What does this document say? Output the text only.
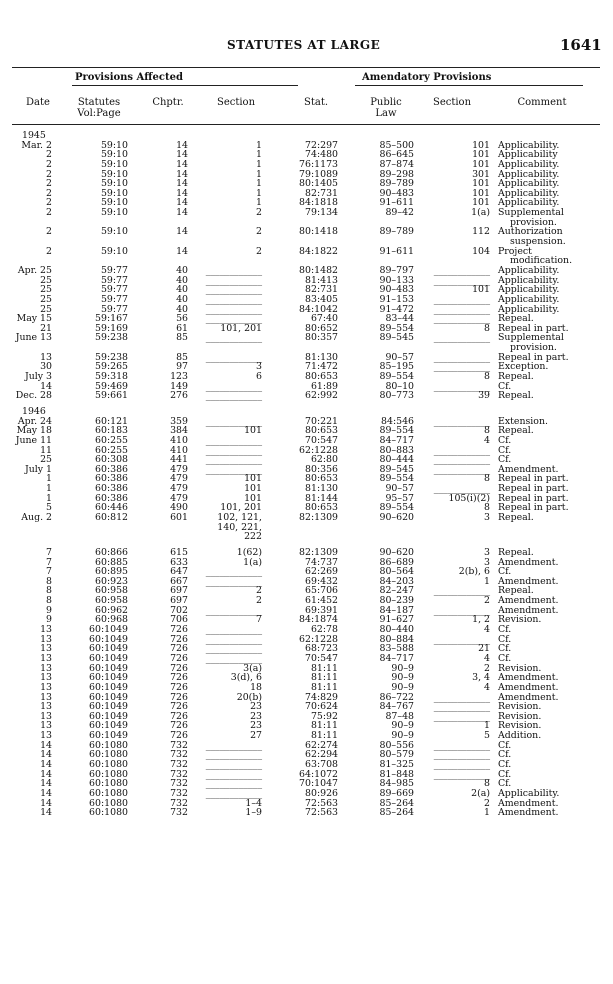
STATUTES AT LARGE	1641
Provisions Affected	Amendatory Provisions
Date	Statutes
Vol:Page
Chptr.	Section	Stat.	Public
Law
Section	Comment
1945
Mar. 2	59:10	14	1	72:297	85–500	101 Applicability.
2	59:10	14	1	74:480	86–645	101 Applicability
2	59:10	14	1	76:1173	87–874	101 Applicability.
2	59:10	14	1	79:1089	89–298	301 Applicability.
2	59:10	14	1	80:1405	89–789	101 Applicability.
2	59:10	14	1	82:731	90–483	101 Applicability.
2	59:10	14	1	84:1818	91–611	101 Applicability.
2	59:10	14	2	79:134	89–42	1(a) Supplemental
provision.
2	59:10	14	2	80:1418	89–789	112 Authorization
suspension.
2	59:10	14	2	84:1822	91–611	104 Project
modification.
Apr. 25	59:77	40	____________	80:1482	89–797	____________ Applicability.
25	59:77	40	____________	81:413	90–133	____________ Applicability.
25	59:77	40	____________	82:731	90–483	101 Applicability.
25	59:77	40	____________	83:405	91–153	____________ Applicability.
25	59:77	40	____________	84:1042	91–472	____________ Applicability.
May 15	59:167	56	____________	67:40	83–44	____________ Repeal.
21	59:169	61	101, 201	80:652	89–554	8 Repeal in part.
June 13	59:238	85	____________	80:357	89–545	____________ Supplemental
provision.
13	59:238	85	____________	81:130	90–57	____________ Repeal in part.
30	59:265	97	3	71:472	85–195	____________ Exception.
July 3	59:318	123	6	80:653	89–554	8 Repeal.
14	59:469	149	____________	61:89	80–10	____________ Cf.
Dec. 28	59:661	276	____________	62:992	80–773	39 Repeal.
1946
Apr. 24	60:121	359	____________	70:221	84:546	____________ Extension.
May 18	60:183	384	101	80:653	89–554	8 Repeal.
June 11	60:255	410	____________	70:547	84–717	4 Cf.
11	60:255	410	____________	62:1228	80–883	____________ Cf.
25	60:308	441	____________	62:80	80–444	____________ Cf.
July 1	60:386	479	____________	80:356	89–545	____________ Amendment.
1	60:386	479	101	80:653	89–554	8 Repeal in part.
1	60:386	479	101	81:130	90–57	____________ Repeal in part.
1	60:386	479	101	81:144	95–57	105(i)(2) Repeal in part.
5	60:446	490	101, 201	80:653	89–554	8 Repeal in part.
Aug. 2	60:812	601	102, 121,	82:1309	90–620	3 Repeal.
140, 221,
222
7	60:866	615	1(62)	82:1309	90–620	3 Repeal.
7	60:885	633	1(a)	74:737	86–689	3 Amendment.
7	60:895	647	____________	62:269	80–564	2(b), 6 Cf.
8	60:923	667	____________	69:432	84–203	1 Amendment.
8	60:958	697	2	65:706	82–247	____________ Repeal.
8	60:958	697	2	61:452	80–239	2 Amendment.
9	60:962	702	____________	69:391	84–187	____________ Amendment.
9	60:968	706	7	84:1874	91–627	1, 2 Revision.
13	60:1049	726	____________	62:78	80–440	4 Cf.
13	60:1049	726	____________	62:1228	80–884	____________ Cf.
13	60:1049	726	____________	68:723	83–588	21 Cf.
13	60:1049	726	____________	70:547	84–717	4 Cf.
13	60:1049	726	3(a)	81:11	90–9	2 Revision.
13	60:1049	726	3(d), 6	81:11	90–9	3, 4 Amendment.
13	60:1049	726	18	81:11	90–9	4 Amendment.
13	60:1049	726	20(b)	74:829	86–722	____________ Amendment.
13	60:1049	726	23	70:624	84–767	____________ Revision.
13	60:1049	726	23	75:92	87–48	____________ Revision.
13	60:1049	726	23	81:11	90–9	1 Revision.
13	60:1049	726	27	81:11	90–9	5 Addition.
14	60:1080	732	____________	62:274	80–556	____________ Cf.
14	60:1080	732	____________	62:294	80–579	____________ Cf.
14	60:1080	732	____________	63:708	81–325	____________ Cf.
14	60:1080	732	____________	64:1072	81–848	____________ Cf.
14	60:1080	732	____________	70:1047	84–985	8 Cf.
14	60:1080	732	____________	80:926	89–669	2(a) Applicability.
14	60:1080	732	1–4	72:563	85–264	2 Amendment.
14	60:1080	732	1–9	72:563	85–264	1 Amendment.
